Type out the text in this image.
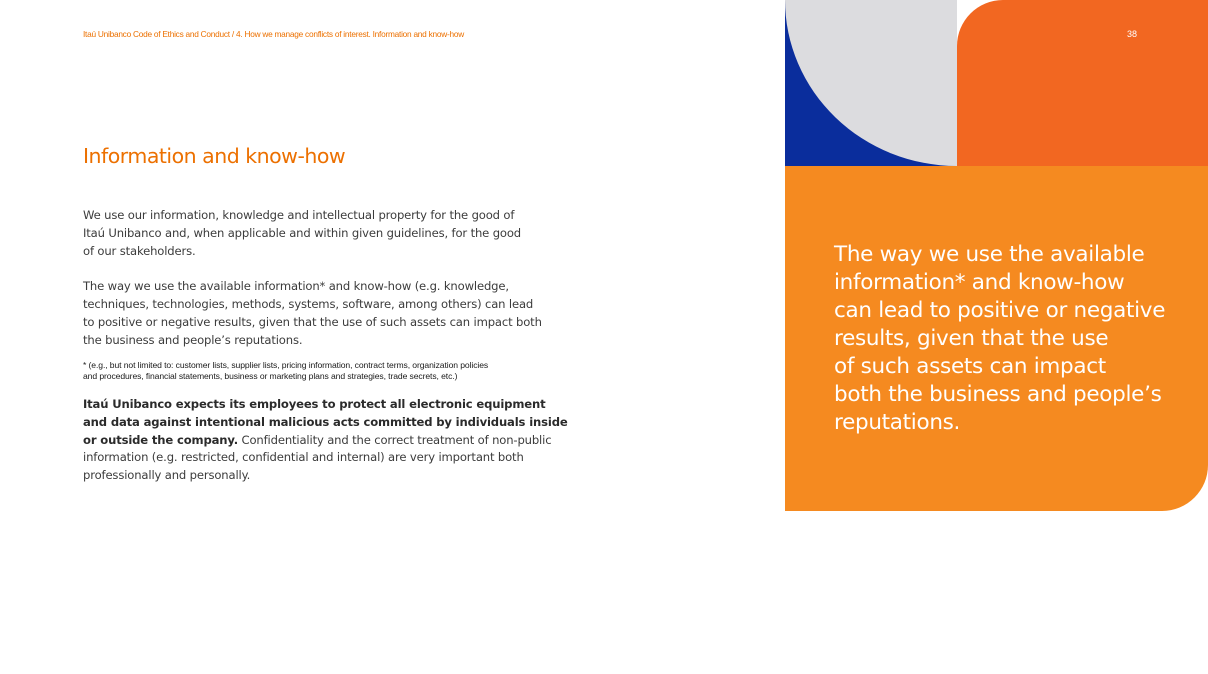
Itaú Unibanco Code of Ethics and Conduct / 4. How we manage conflicts of interest. Information and know-how
Information and know-how

We use our information, knowledge and intellectual property for the good of
Itaú Unibanco and, when applicable and within given guidelines, for the good
of our stakeholders.

The way we use the available information* and know-how (e.g. knowledge,
techniques, technologies, methods, systems, software, among others) can lead
to positive or negative results, given that the use of such assets can impact both
the business and people’s reputations.

* (e.g., but not limited to: customer lists, supplier lists, pricing information, contract terms, organization policies
and procedures, financial statements, business or marketing plans and strategies, trade secrets, etc.)

Itaú Unibanco expects its employees to protect all electronic equipment
and data against intentional malicious acts committed by individuals inside
or outside the company. Confidentiality and the correct treatment of non-public
information (e.g. restricted, confidential and internal) are very important both
professionally and personally.

38

The way we use the available
information* and know-how
can lead to positive or negative
results, given that the use
of such assets can impact
both the business and people’s
reputations.
